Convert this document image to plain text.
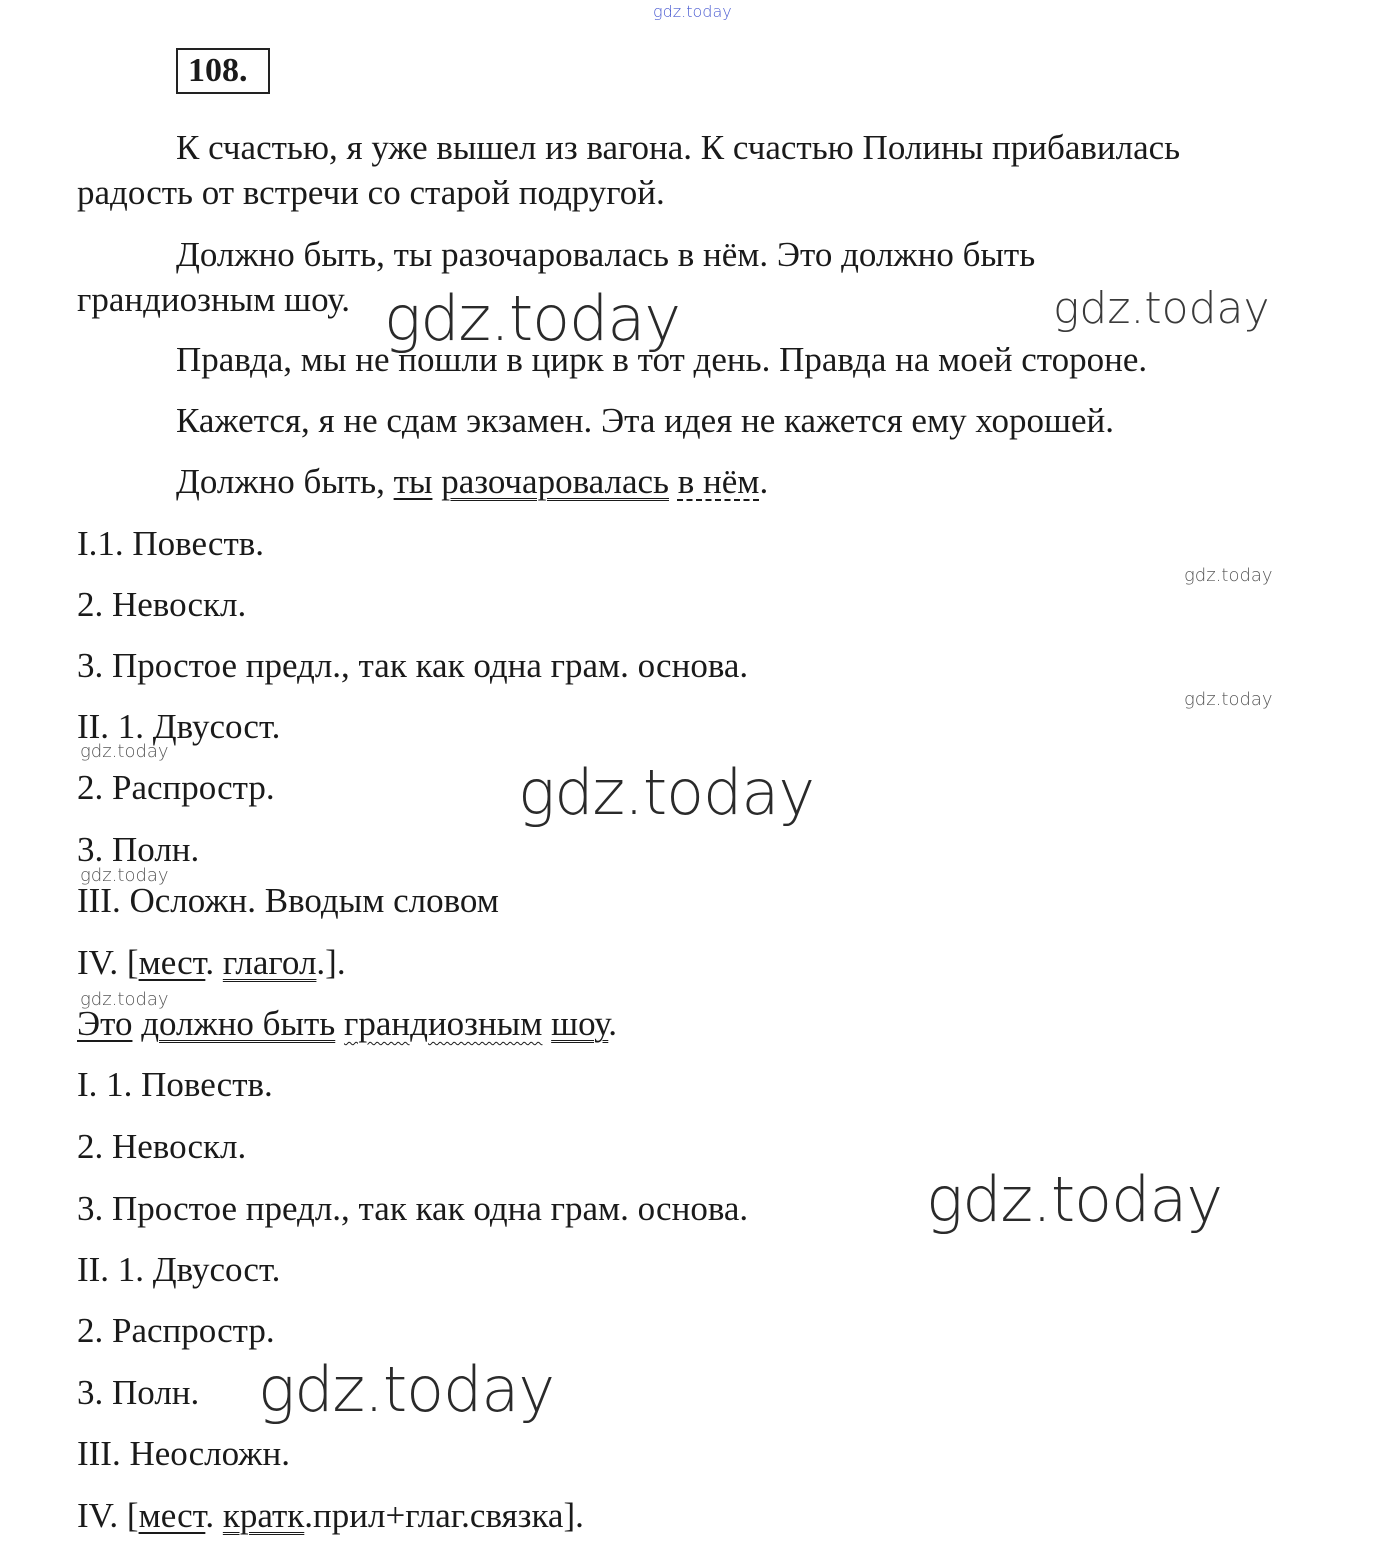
gdz.today
108.
К счастью, я уже вышел из вагона. К счастью Полины прибавилась
радость от встречи со старой подругой.
Должно быть, ты разочаровалась в нём. Это должно быть
грандиозным шоу.
Правда, мы не пошли в цирк в тот день. Правда на моей стороне.
Кажется, я не сдам экзамен. Эта идея не кажется ему хорошей.
Должно быть, ты разочаровалась в нём.
I.1. Повеств.
2. Невоскл.
3. Простое предл., так как одна грам. основа.
II. 1. Двусост.
2. Распростр.
3. Полн.
III. Осложн. Вводым словом
IV. [мест. глагол.].
Это должно быть грандиозным шоу.
I. 1. Повеств.
2. Невоскл.
3. Простое предл., так как одна грам. основа.
II. 1. Двусост.
2. Распростр.
3. Полн.
III. Неосложн.
IV. [мест. кратк.прил+глаг.связка].
gdz.today	gdz.today
gdz.today
gdz.today
gdz.today
gdz.today
gdz.today
gdz.today
gdz.today
gdz.today
